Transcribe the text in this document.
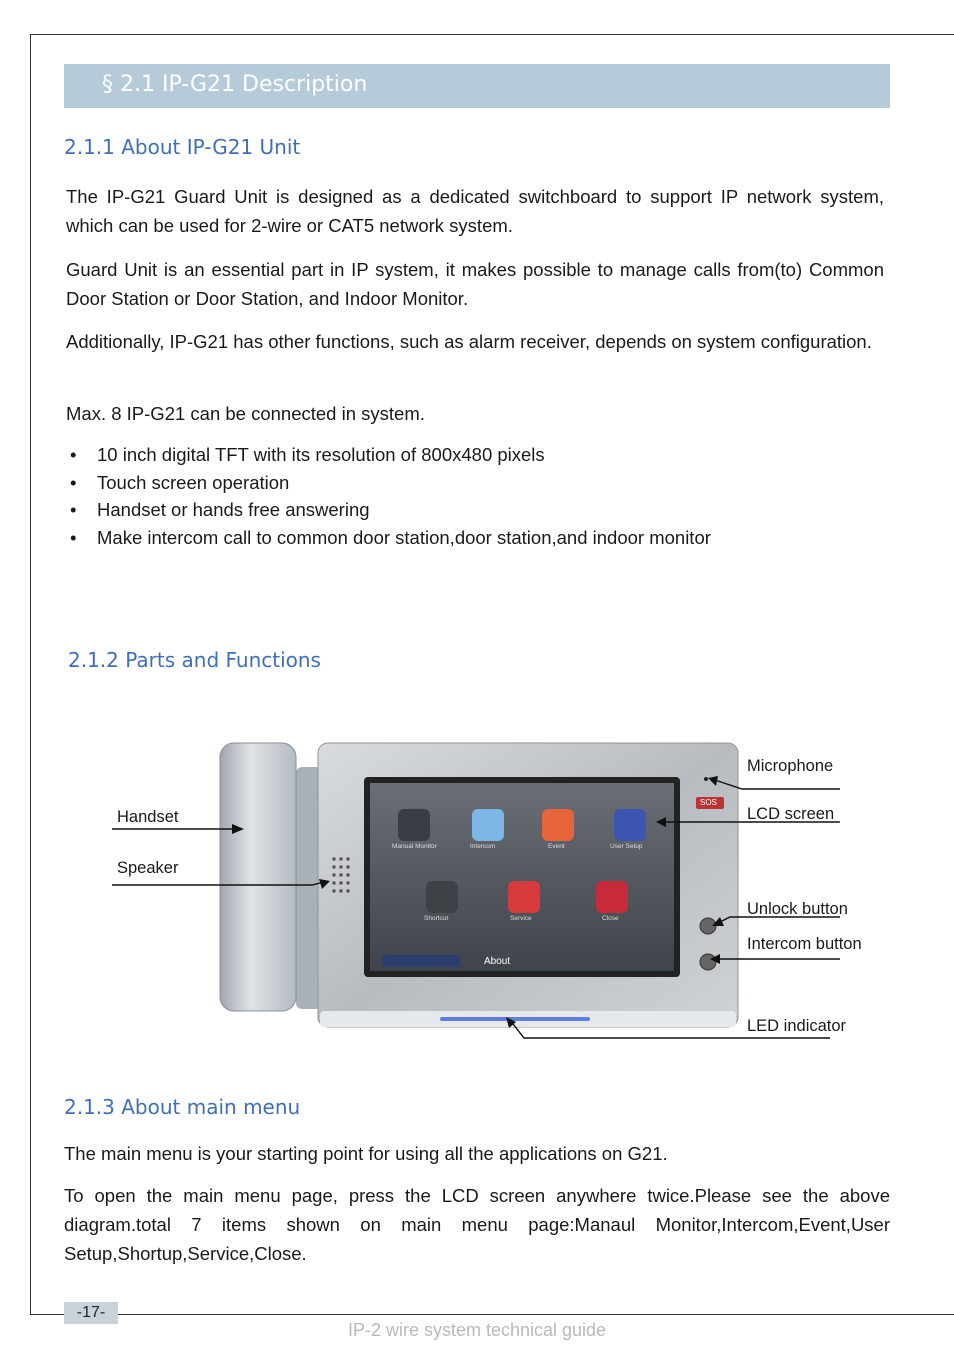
§ 2.1 IP-G21 Description
2.1.1 About IP-G21 Unit

The IP-G21 Guard Unit is designed as a dedicated switchboard to support IP network system, which can be used for 2-wire or CAT5 network system.

Guard Unit is an essential part in IP system, it makes possible to manage calls from(to) Common Door Station or Door Station, and Indoor Monitor.

Additionally, IP-G21 has other functions, such as alarm receiver, depends on system configuration.

Max. 8 IP-G21 can be connected in system.

• 10 inch digital TFT with its resolution of 800x480 pixels
• Touch screen operation
• Handset or hands free answering
• Make intercom call to common door station,door station,and indoor monitor
2.1.2 Parts and Functions
Handset
Speaker
Microphone
LCD screen
Unlock button
Intercom button
LED indicator
About
SOS
Manual Monitor	Intercom	Event	User Setup
Shortcut	Service	Close
2.1.3 About main menu

The main menu is your starting point for using all the applications on G21.

To open the main menu page, press the LCD screen anywhere twice.Please see the above diagram.total 7 items shown on main menu page:Manaul Monitor,Intercom,Event,User Setup,Shortup,Service,Close.

-17-
IP-2 wire system technical guide
